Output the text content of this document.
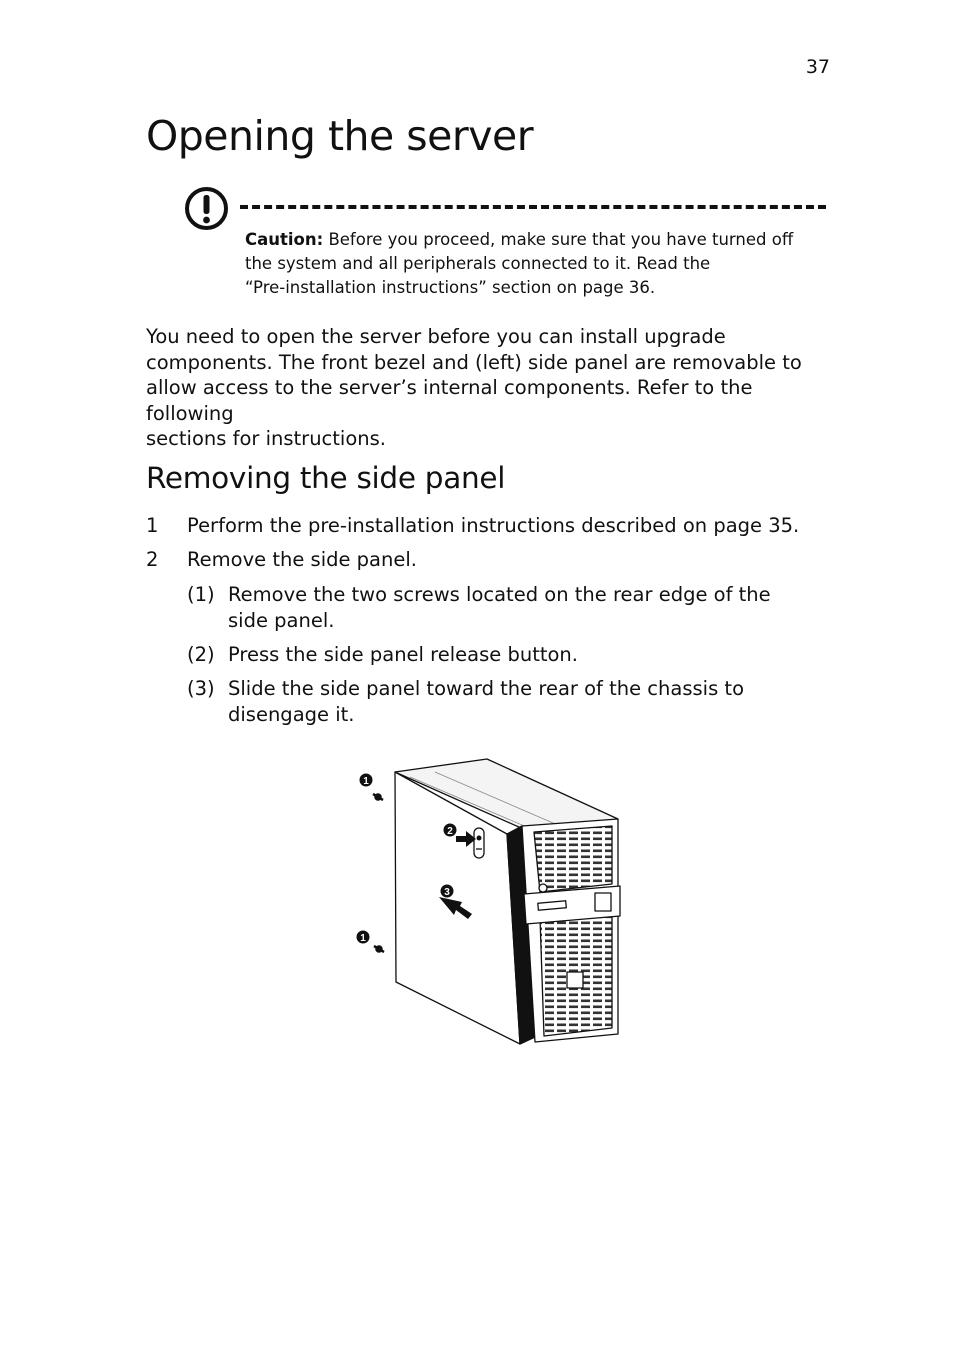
37
Opening the server

Caution: Before you proceed, make sure that you have turned off
the system and all peripherals connected to it. Read the
“Pre-installation instructions” section on page 36.

You need to open the server before you can install upgrade
components. The front bezel and (left) side panel are removable to
allow access to the server’s internal components. Refer to the following
sections for instructions.

Removing the side panel
1 Perform the pre-installation instructions described on page 35.
2 Remove the side panel.
(1) Remove the two screws located on the rear edge of the
side panel.
(2) Press the side panel release button.
(3) Slide the side panel toward the rear of the chassis to
disengage it.
1
2
3
1
